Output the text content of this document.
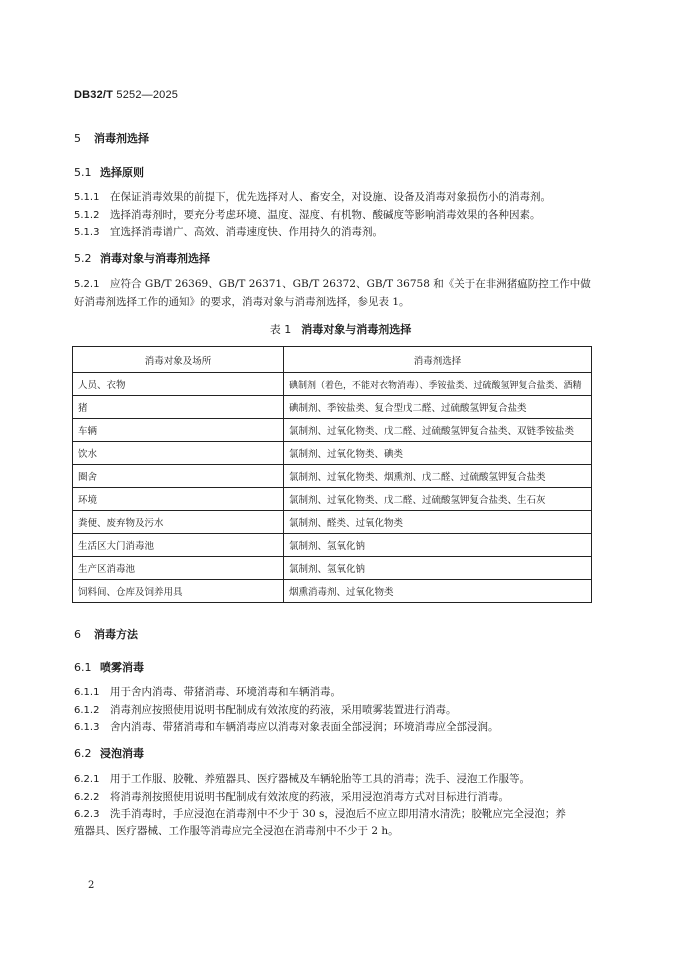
DB32/T 5252—2025
5 消毒剂选择
5.1 选择原则
5.1.1 在保证消毒效果的前提下，优先选择对人、畜安全，对设施、设备及消毒对象损伤小的消毒剂。
5.1.2 选择消毒剂时，要充分考虑环境、温度、湿度、有机物、酸碱度等影响消毒效果的各种因素。
5.1.3 宜选择消毒谱广、高效、消毒速度快、作用持久的消毒剂。
5.2 消毒对象与消毒剂选择
5.2.1 应符合 GB/T 26369、GB/T 26371、GB/T 26372、GB/T 36758 和《关于在非洲猪瘟防控工作中做
好消毒剂选择工作的通知》的要求，消毒对象与消毒剂选择，参见表 1。
表 1 消毒对象与消毒剂选择
消毒对象及场所	消毒剂选择
人员、衣物	碘制剂（着色，不能对衣物消毒）、季铵盐类、过硫酸氢钾复合盐类、酒精
猪	碘制剂、季铵盐类、复合型戊二醛、过硫酸氢钾复合盐类
车辆	氯制剂、过氧化物类、戊二醛、过硫酸氢钾复合盐类、双链季铵盐类
饮水	氯制剂、过氧化物类、碘类
圈舍	氯制剂、过氧化物类、烟熏剂、戊二醛、过硫酸氢钾复合盐类
环境	氯制剂、过氧化物类、戊二醛、过硫酸氢钾复合盐类、生石灰
粪便、废弃物及污水	氯制剂、醛类、过氧化物类
生活区大门消毒池	氯制剂、氢氧化钠
生产区消毒池	氯制剂、氢氧化钠
饲料间、仓库及饲养用具	烟熏消毒剂、过氧化物类
6 消毒方法
6.1 喷雾消毒
6.1.1 用于舍内消毒、带猪消毒、环境消毒和车辆消毒。
6.1.2 消毒剂应按照使用说明书配制成有效浓度的药液，采用喷雾装置进行消毒。
6.1.3 舍内消毒、带猪消毒和车辆消毒应以消毒对象表面全部浸润；环境消毒应全部浸润。
6.2 浸泡消毒
6.2.1 用于工作服、胶靴、养殖器具、医疗器械及车辆轮胎等工具的消毒；洗手、浸泡工作服等。
6.2.2 将消毒剂按照使用说明书配制成有效浓度的药液，采用浸泡消毒方式对目标进行消毒。
6.2.3 洗手消毒时，手应浸泡在消毒剂中不少于 30 s，浸泡后不应立即用清水清洗；胶靴应完全浸泡；养
殖器具、医疗器械、工作服等消毒应完全浸泡在消毒剂中不少于 2 h。
2
